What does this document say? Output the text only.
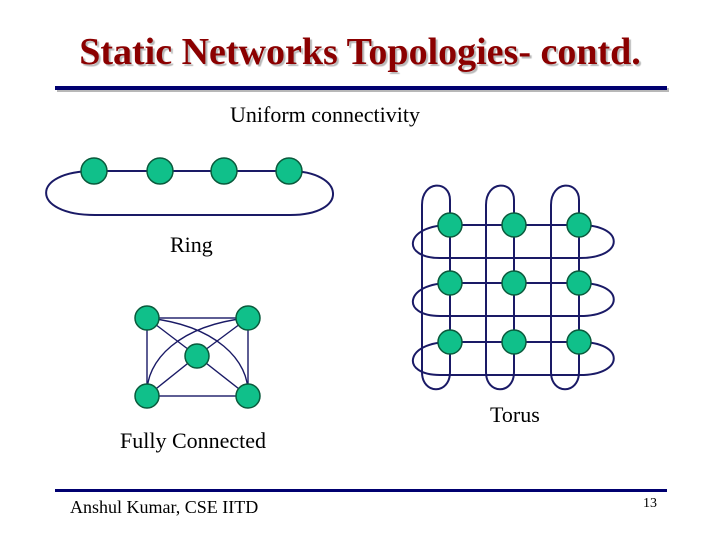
Static Networks Topologies- contd.
Uniform connectivity
Ring
Fully Connected
Torus
Anshul Kumar, CSE IITD	13
